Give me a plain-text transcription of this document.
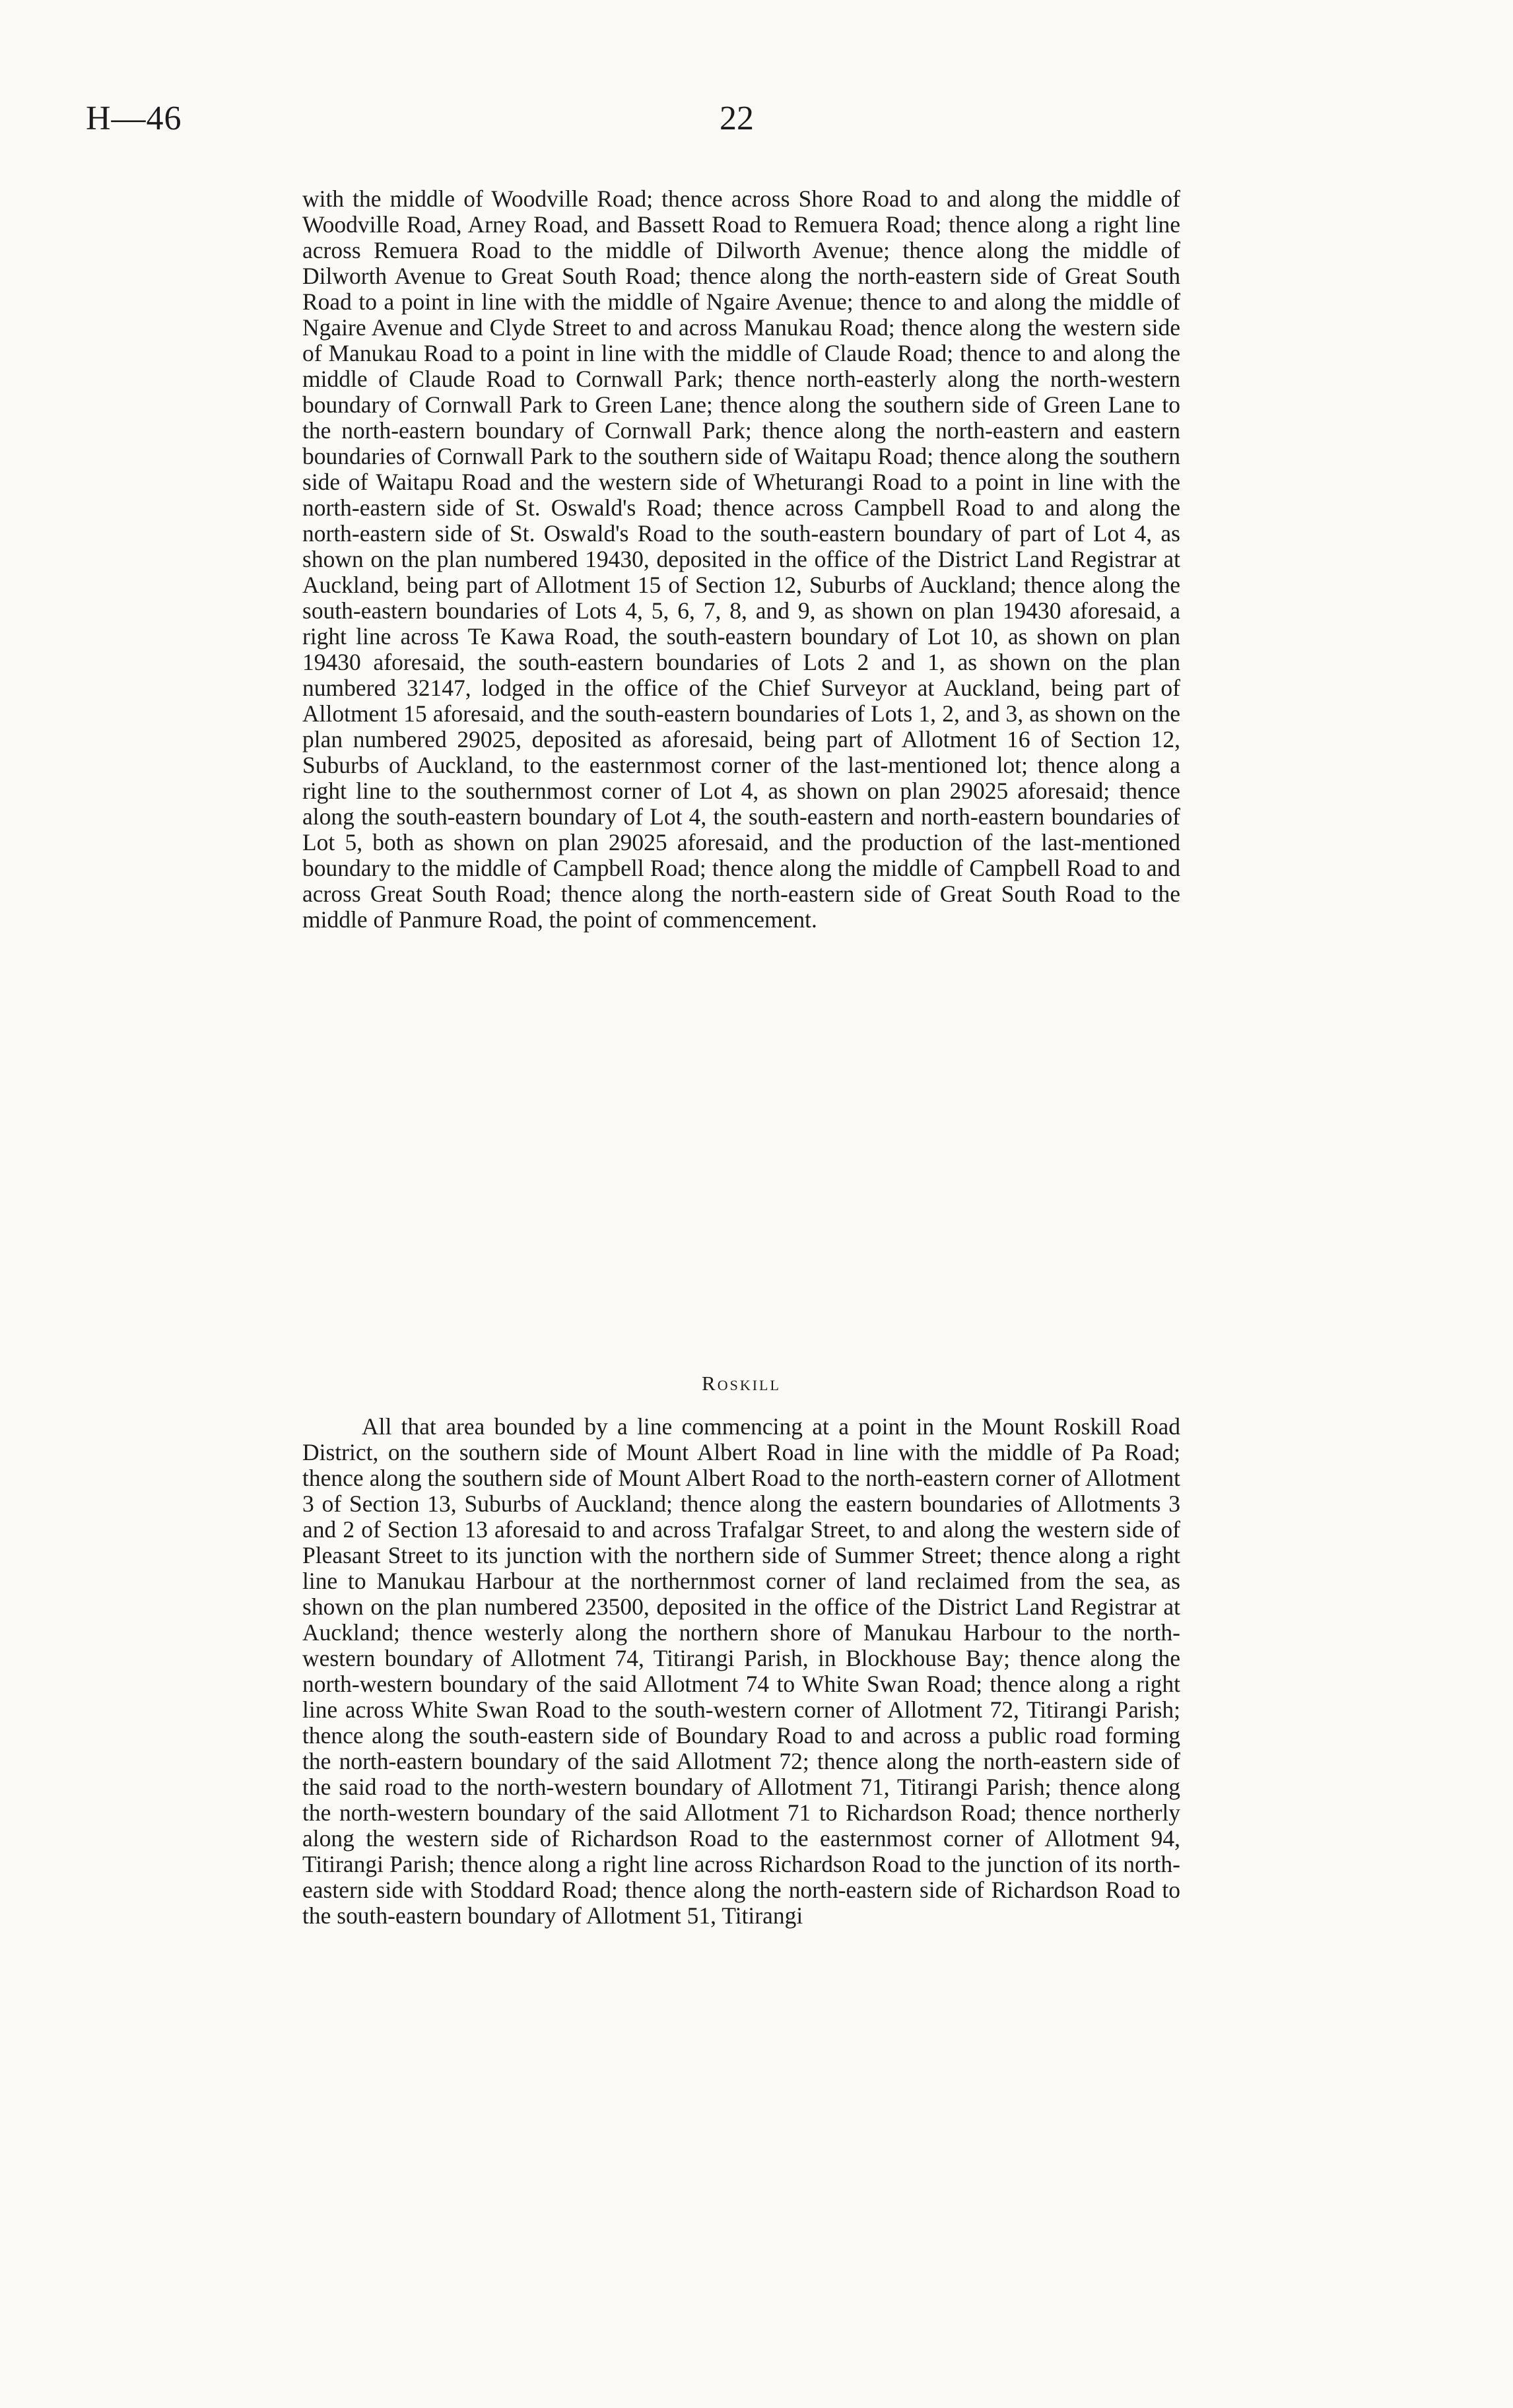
H—46	22
with the middle of Woodville Road; thence across Shore Road to and along the middle of Woodville Road, Arney Road, and Bassett Road to Remuera Road; thence along a right line across Remuera Road to the middle of Dilworth Avenue; thence along the middle of Dilworth Avenue to Great South Road; thence along the north-eastern side of Great South Road to a point in line with the middle of Ngaire Avenue; thence to and along the middle of Ngaire Avenue and Clyde Street to and across Manukau Road; thence along the western side of Manukau Road to a point in line with the middle of Claude Road; thence to and along the middle of Claude Road to Cornwall Park; thence north-easterly along the north-western boundary of Cornwall Park to Green Lane; thence along the southern side of Green Lane to the north-eastern boundary of Cornwall Park; thence along the north-eastern and eastern boundaries of Cornwall Park to the southern side of Waitapu Road; thence along the southern side of Waitapu Road and the western side of Wheturangi Road to a point in line with the north-eastern side of St. Oswald's Road; thence across Campbell Road to and along the north-eastern side of St. Oswald's Road to the south-eastern boundary of part of Lot 4, as shown on the plan numbered 19430, deposited in the office of the District Land Registrar at Auckland, being part of Allotment 15 of Section 12, Suburbs of Auckland; thence along the south-eastern boundaries of Lots 4, 5, 6, 7, 8, and 9, as shown on plan 19430 aforesaid, a right line across Te Kawa Road, the south-eastern boundary of Lot 10, as shown on plan 19430 aforesaid, the south-eastern boundaries of Lots 2 and 1, as shown on the plan numbered 32147, lodged in the office of the Chief Surveyor at Auckland, being part of Allotment 15 aforesaid, and the south-eastern boundaries of Lots 1, 2, and 3, as shown on the plan numbered 29025, deposited as aforesaid, being part of Allotment 16 of Section 12, Suburbs of Auckland, to the easternmost corner of the last-mentioned lot; thence along a right line to the southernmost corner of Lot 4, as shown on plan 29025 aforesaid; thence along the south-eastern boundary of Lot 4, the south-eastern and north-eastern boundaries of Lot 5, both as shown on plan 29025 aforesaid, and the production of the last-mentioned boundary to the middle of Campbell Road; thence along the middle of Campbell Road to and across Great South Road; thence along the north-eastern side of Great South Road to the middle of Panmure Road, the point of commencement.
Roskill
All that area bounded by a line commencing at a point in the Mount Roskill Road District, on the southern side of Mount Albert Road in line with the middle of Pa Road; thence along the southern side of Mount Albert Road to the north-eastern corner of Allotment 3 of Section 13, Suburbs of Auckland; thence along the eastern boundaries of Allotments 3 and 2 of Section 13 aforesaid to and across Trafalgar Street, to and along the western side of Pleasant Street to its junction with the northern side of Summer Street; thence along a right line to Manukau Harbour at the northernmost corner of land reclaimed from the sea, as shown on the plan numbered 23500, deposited in the office of the District Land Registrar at Auckland; thence westerly along the northern shore of Manukau Harbour to the north-western boundary of Allotment 74, Titirangi Parish, in Blockhouse Bay; thence along the north-western boundary of the said Allotment 74 to White Swan Road; thence along a right line across White Swan Road to the south-western corner of Allotment 72, Titirangi Parish; thence along the south-eastern side of Boundary Road to and across a public road forming the north-eastern boundary of the said Allotment 72; thence along the north-eastern side of the said road to the north-western boundary of Allotment 71, Titirangi Parish; thence along the north-western boundary of the said Allotment 71 to Richardson Road; thence northerly along the western side of Richardson Road to the easternmost corner of Allotment 94, Titirangi Parish; thence along a right line across Richardson Road to the junction of its north-eastern side with Stoddard Road; thence along the north-eastern side of Richardson Road to the south-eastern boundary of Allotment 51, Titirangi
